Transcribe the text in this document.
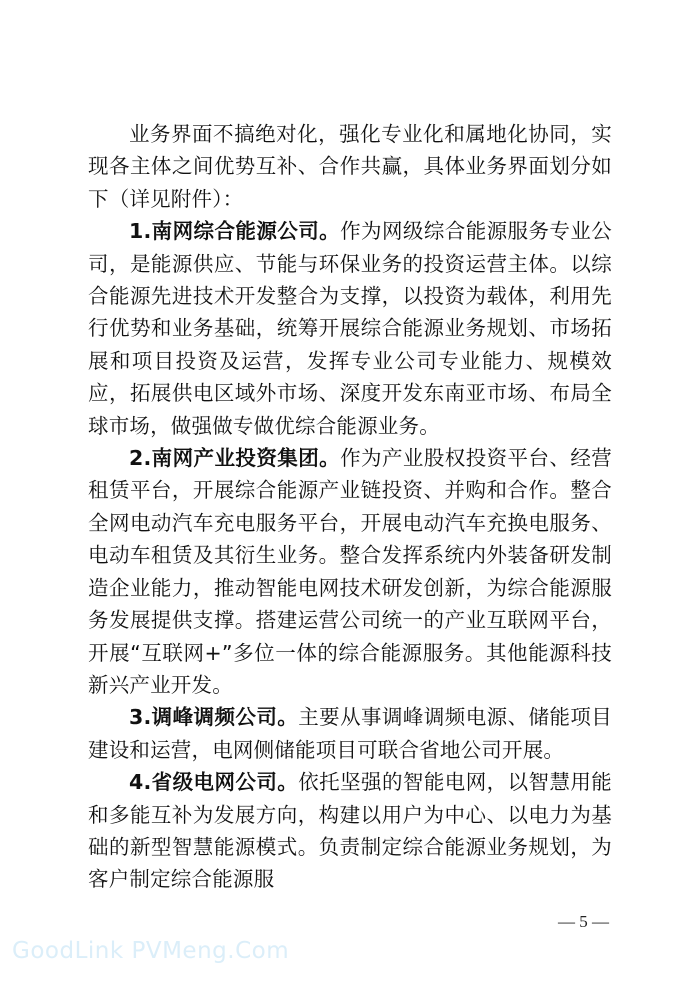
业务界面不搞绝对化，强化专业化和属地化协同，实现各主体之间优势互补、合作共赢，具体业务界面划分如下（详见附件）：

1.南网综合能源公司。作为网级综合能源服务专业公司，是能源供应、节能与环保业务的投资运营主体。以综合能源先进技术开发整合为支撑，以投资为载体，利用先行优势和业务基础，统筹开展综合能源业务规划、市场拓展和项目投资及运营，发挥专业公司专业能力、规模效应，拓展供电区域外市场、深度开发东南亚市场、布局全球市场，做强做专做优综合能源业务。

2.南网产业投资集团。作为产业股权投资平台、经营租赁平台，开展综合能源产业链投资、并购和合作。整合全网电动汽车充电服务平台，开展电动汽车充换电服务、电动车租赁及其衍生业务。整合发挥系统内外装备研发制造企业能力，推动智能电网技术研发创新，为综合能源服务发展提供支撑。搭建运营公司统一的产业互联网平台，开展“互联网+”多位一体的综合能源服务。其他能源科技新兴产业开发。

3.调峰调频公司。主要从事调峰调频电源、储能项目建设和运营，电网侧储能项目可联合省地公司开展。

4.省级电网公司。依托坚强的智能电网，以智慧用能和多能互补为发展方向，构建以用户为中心、以电力为基础的新型智慧能源模式。负责制定综合能源业务规划，为客户制定综合能源服

— 5 —
GoodLink PVMeng.Com
